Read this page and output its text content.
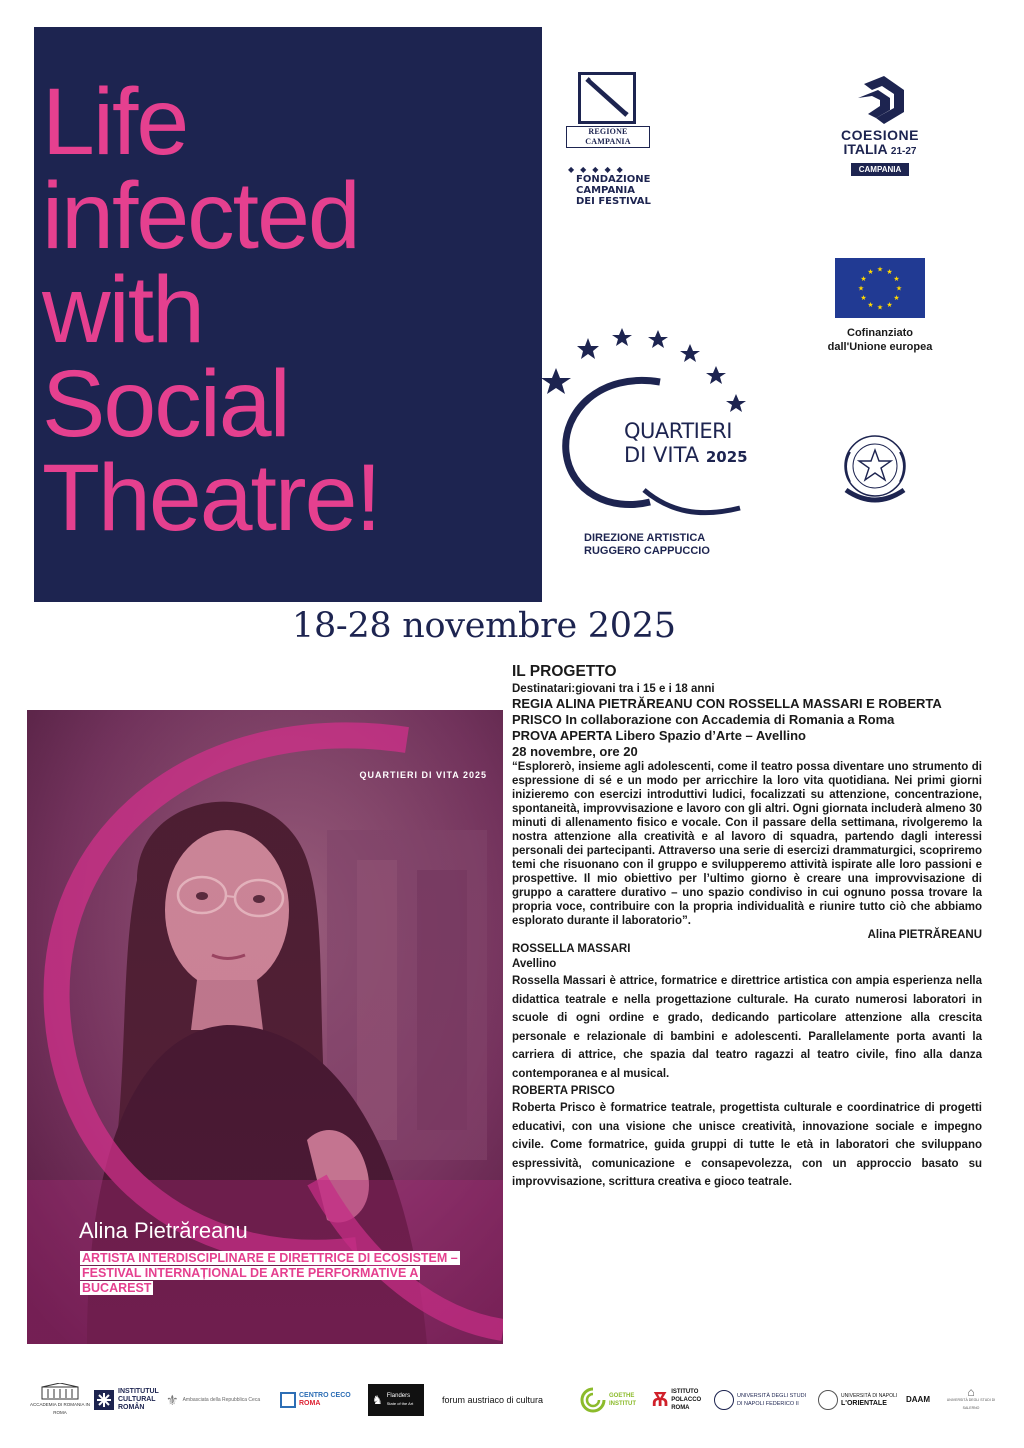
Life
infected
with
Social
Theatre!
REGIONE CAMPANIA
◆◆◆◆◆
FONDAZIONE
CAMPANIA
DEI FESTIVAL
COESIONE
ITALIA 21-27
CAMPANIA
★
★
★
★
★
★
★
★
★ ★ ★
★
Cofinanziato
dall'Unione europea
QUARTIERI
DI VITA 2025
DIREZIONE ARTISTICA
RUGGERO CAPPUCCIO
18-28 novembre 2025
QUARTIERI DI VITA 2025
Alina Pietrăreanu
ARTISTA INTERDISCIPLINARE E DIRETTRICE DI ECOSISTEM – FESTIVAL INTERNAȚIONAL DE ARTE PERFORMATIVE A BUCAREST

IL PROGETTO

Destinatari:giovani tra i 15 e i 18 anni

REGIA ALINA PIETRĂREANU CON ROSSELLA MASSARI E ROBERTA PRISCO In collaborazione con Accademia di Romania a Roma

PROVA APERTA Libero Spazio d’Arte – Avellino

28 novembre, ore 20

“Esplorerò, insieme agli adolescenti, come il teatro possa diventare uno strumento di espressione di sé e un modo per arricchire la loro vita quotidiana. Nei primi giorni inizieremo con esercizi introduttivi ludici, focalizzati su attenzione, concentrazione, spontaneità, improvvisazione e lavoro con gli altri. Ogni giornata includerà almeno 30 minuti di allenamento fisico e vocale. Con il passare della settimana, rivolgeremo la nostra attenzione alla creatività e al lavoro di squadra, partendo dagli interessi personali dei partecipanti. Attraverso una serie di esercizi drammaturgici, scopriremo temi che risuonano con il gruppo e svilupperemo attività ispirate alle loro passioni e prospettive. Il mio obiettivo per l’ultimo giorno è creare una improvvisazione di gruppo a carattere durativo – uno spazio condiviso in cui ognuno possa trovare la propria voce, contribuire con la propria individualità e riunire tutto ciò che abbiamo esplorato durante il laboratorio”.

Alina PIETRĂREANU

ROSSELLA MASSARI

Avellino

Rossella Massari è attrice, formatrice e direttrice artistica con ampia esperienza nella didattica teatrale e nella progettazione culturale. Ha curato numerosi laboratori in scuole di ogni ordine e grado, dedicando particolare attenzione alla crescita personale e relazionale di bambini e adolescenti. Parallelamente porta avanti la carriera di attrice, che spazia dal teatro ragazzi al teatro civile, fino alla danza contemporanea e al musical.

ROBERTA PRISCO

Roberta Prisco è formatrice teatrale, progettista culturale e coordinatrice di progetti educativi, con una visione che unisce creatività, innovazione sociale e impegno civile. Come formatrice, guida gruppi di tutte le età in laboratori che sviluppano espressività, comunicazione e consapevolezza, con un approccio basato su improvvisazione, scrittura creativa e gioco teatrale.

ACCADEMIA DI ROMANIA IN ROMA
INSTITUTUL
CULTURAL
ROMÂN	⚜ Ambasciata della Repubblica Ceca
CENTRO CECO
ROMA	♞ Flanders
State of the Art	forum austriaco di cultura	GOETHE
INSTITUT Ѫ ISTITUTO
POLACCO
ROMA
UNIVERSITÀ DEGLI STUDI
DI NAPOLI FEDERICO II
UNIVERSITÀ DI NAPOLI
L'ORIENTALE	DAAM
⌂
UNIVERSITÀ DEGLI STUDI DI SALERNO
